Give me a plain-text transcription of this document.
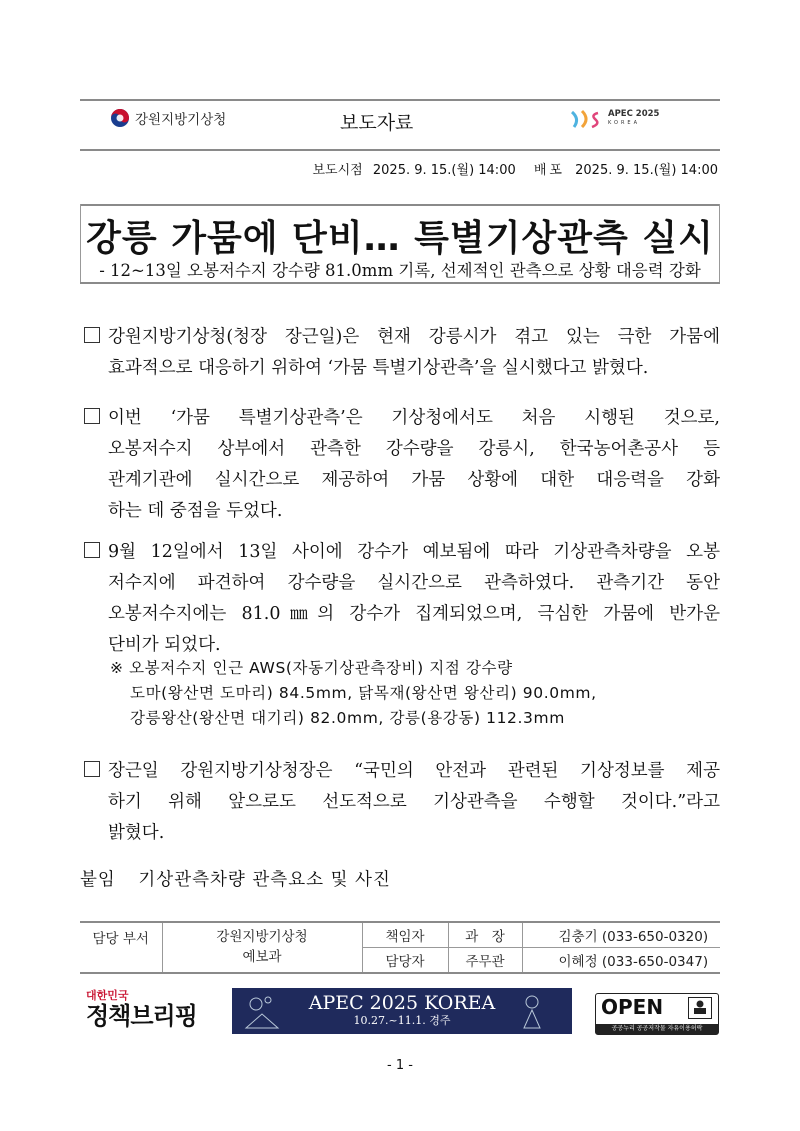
강원지방기상청	보도자료	APEC 2025
KOREA
보도시점 2025. 9. 15.(월) 14:00 배포 2025. 9. 15.(월) 14:00
강릉 가뭄에 단비… 특별기상관측 실시
- 12~13일 오봉저수지 강수량 81.0mm 기록, 선제적인 관측으로 상황 대응력 강화
강원지방기상청(청장 장근일)은 현재 강릉시가 겪고 있는 극한 가뭄에
효과적으로 대응하기 위하여 ‘가뭄 특별기상관측’을 실시했다고 밝혔다.
이번 ‘가뭄 특별기상관측’은 기상청에서도 처음 시행된 것으로,
오봉저수지 상부에서 관측한 강수량을 강릉시, 한국농어촌공사 등
관계기관에 실시간으로 제공하여 가뭄 상황에 대한 대응력을 강화
하는 데 중점을 두었다.
9월 12일에서 13일 사이에 강수가 예보됨에 따라 기상관측차량을 오봉
저수지에 파견하여 강수량을 실시간으로 관측하였다. 관측기간 동안
오봉저수지에는 81.0㎜의 강수가 집계되었으며, 극심한 가뭄에 반가운
단비가 되었다.
※ 오봉저수지 인근 AWS(자동기상관측장비) 지점 강수량
도마(왕산면 도마리) 84.5mm, 닭목재(왕산면 왕산리) 90.0mm,
강릉왕산(왕산면 대기리) 82.0mm, 강릉(용강동) 112.3mm
장근일 강원지방기상청장은 “국민의 안전과 관련된 기상정보를 제공
하기 위해 앞으로도 선도적으로 기상관측을 수행할 것이다.”라고
밝혔다.
붙임 기상관측차량 관측요소 및 사진
담당 부서	강원지방기상청
예보과	책임자	과　장	김충기 (033-650-0320)
		담당자	주무관	이혜정 (033-650-0347)
대한민국
정책브리핑	APEC 2025 KOREA
10.27.~11.1. 경주
OPEN
공공누리 공공저작물 자유이용허락
- 1 -
